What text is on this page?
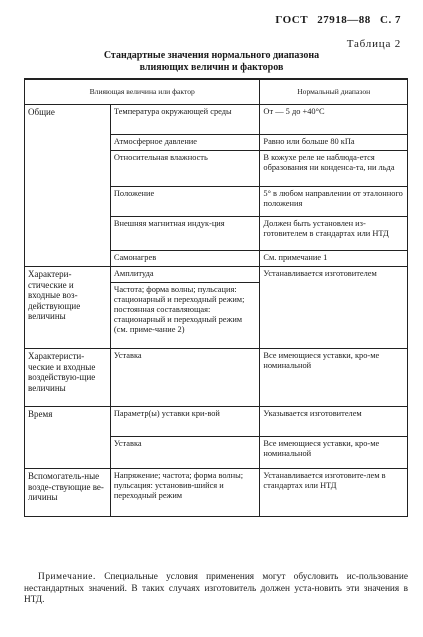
ГОСТ 27918—88 С. 7
Таблица 2
Стандартные значения нормального диапазона
влияющих величин и факторов
Влияющая величина или фактор		Нормальный диапазон
Общие	Температура окружающей среды	От — 5 до +40°С
	Атмосферное давление	Равно или больше 80 кПа
	Относительная влажность	В кожухе реле не наблюда-ется образования ни конденса-та, ни льда
	Положение	5° в любом направлении от эталонного положения
	Внешняя магнитная индук-ция	Должен быть установлен из-готовителем в стандартах или НТД
	Самонагрев	См. примечание 1
Характери-стические и входные воз-действующие величины	Амплитуда	Устанавливается изготовителем
	Частота; форма волны; пульсация: стационарный и переходный режим; постоянная составляющая: стационарный и переходный режим (см. приме-чание 2)	
Характеристи-ческие и входные воздействую-щие величины	Уставка	Все имеющиеся уставки, кро-ме номинальной
Время	Параметр(ы) уставки кри-вой	Указывается изготовителем
	Уставка	Все имеющиеся уставки, кро-ме номинальной
Вспомогатель-ные возде-ствующие ве-личины	Напряжение; частота; форма волны; пульсация: установив-шийся и переходный режим	Устанавливается изготовите-лем в стандартах или НТД
Примечание. Специальные условия применения могут обусловить ис-пользование нестандартных значений. В таких случаях изготовитель должен уста-новить эти значения в НТД.
